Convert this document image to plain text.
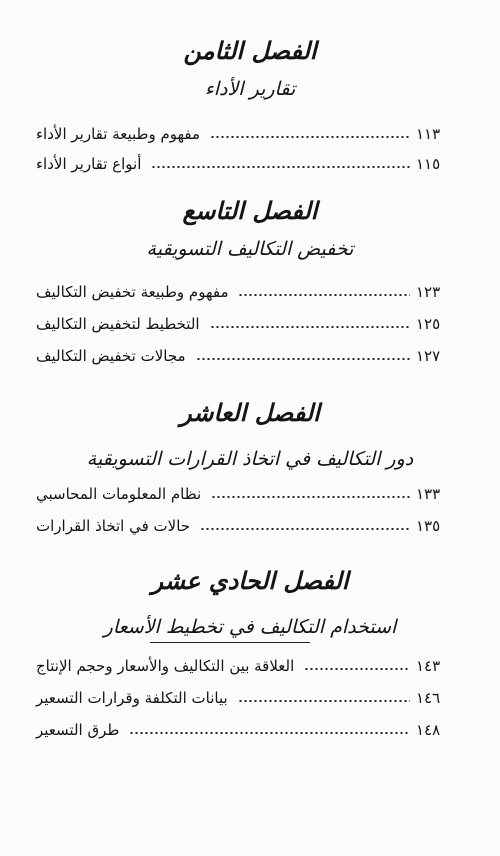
الفصل الثامن
تقارير الأداء
مفهوم وطبيعة تقارير الأداء	١١٣
أنواع تقارير الأداء	١١٥
الفصل التاسع
تخفيض التكاليف التسويقية
مفهوم وطبيعة تخفيض التكاليف	١٢٣
التخطيط لتخفيض التكاليف	١٢٥
مجالات تخفيض التكاليف	١٢٧
الفصل العاشر
دور التكاليف في اتخاذ القرارات التسويقية
نظام المعلومات المحاسبي	١٣٣
حالات في اتخاذ القرارات	١٣٥
الفصل الحادي عشر
استخدام التكاليف في تخطيط الأسعار
العلاقة بين التكاليف والأسعار وحجم الإنتاج	١٤٣
بيانات التكلفة وقرارات التسعير	١٤٦
طرق التسعير	١٤٨
